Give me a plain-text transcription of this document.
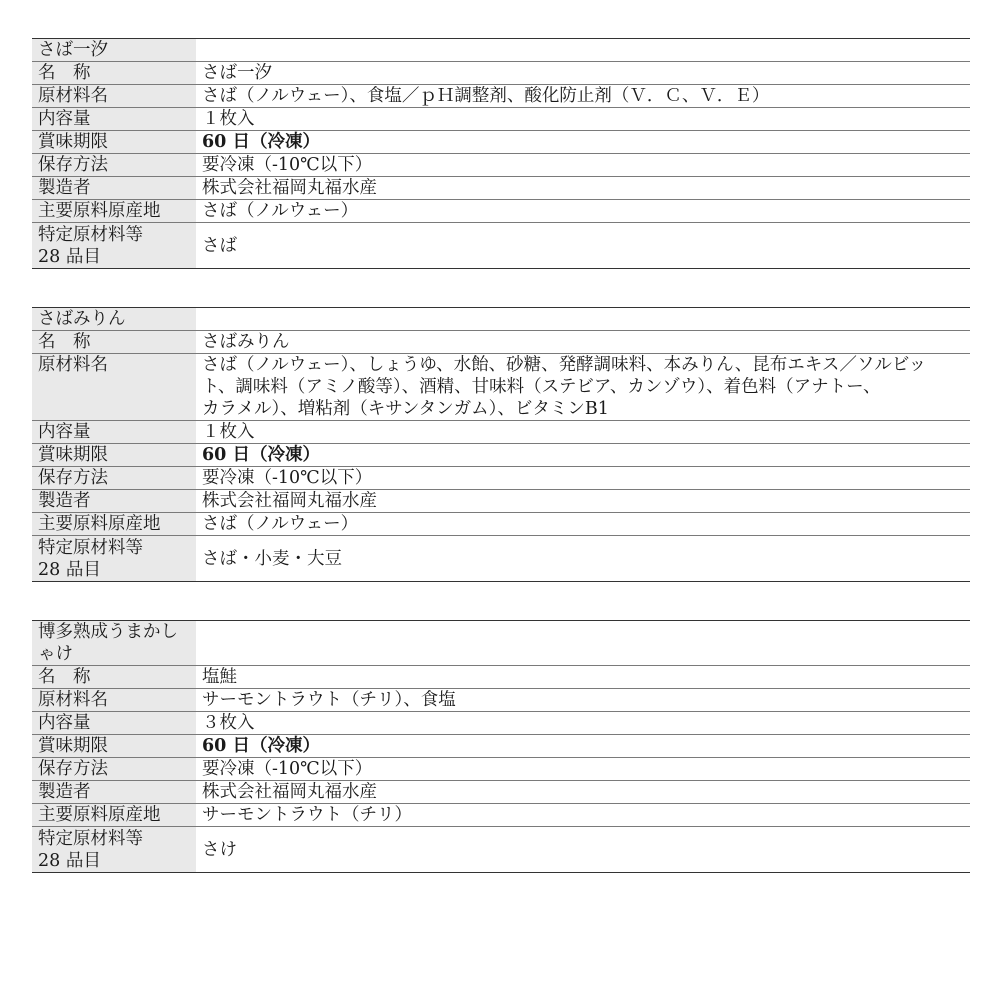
さば一汐	
名　称	さば一汐
原材料名	さば（ノルウェー）、食塩／ｐＨ調整剤、酸化防止剤（Ｖ．Ｃ、Ｖ．Ｅ）
内容量	１枚入
賞味期限	60 日（冷凍）
保存方法	要冷凍（-10℃以下）
製造者	株式会社福岡丸福水産
主要原料原産地	さば（ノルウェー）
特定原材料等
28 品目	さば
さばみりん	
名　称	さばみりん
原材料名	さば（ノルウェー）、しょうゆ、水飴、砂糖、発酵調味料、本みりん、昆布エキス／ソルビッ
ト、調味料（アミノ酸等）、酒精、甘味料（ステビア、カンゾウ）、着色料（アナトー、
カラメル）、増粘剤（キサンタンガム）、ビタミンB1
内容量	１枚入
賞味期限	60 日（冷凍）
保存方法	要冷凍（-10℃以下）
製造者	株式会社福岡丸福水産
主要原料原産地	さば（ノルウェー）
特定原材料等
28 品目	さば・小麦・大豆
博多熟成うまかしゃけ	
名　称	塩鮭
原材料名	サーモントラウト（チリ）、食塩
内容量	３枚入
賞味期限	60 日（冷凍）
保存方法	要冷凍（-10℃以下）
製造者	株式会社福岡丸福水産
主要原料原産地	サーモントラウト（チリ）
特定原材料等
28 品目	さけ
